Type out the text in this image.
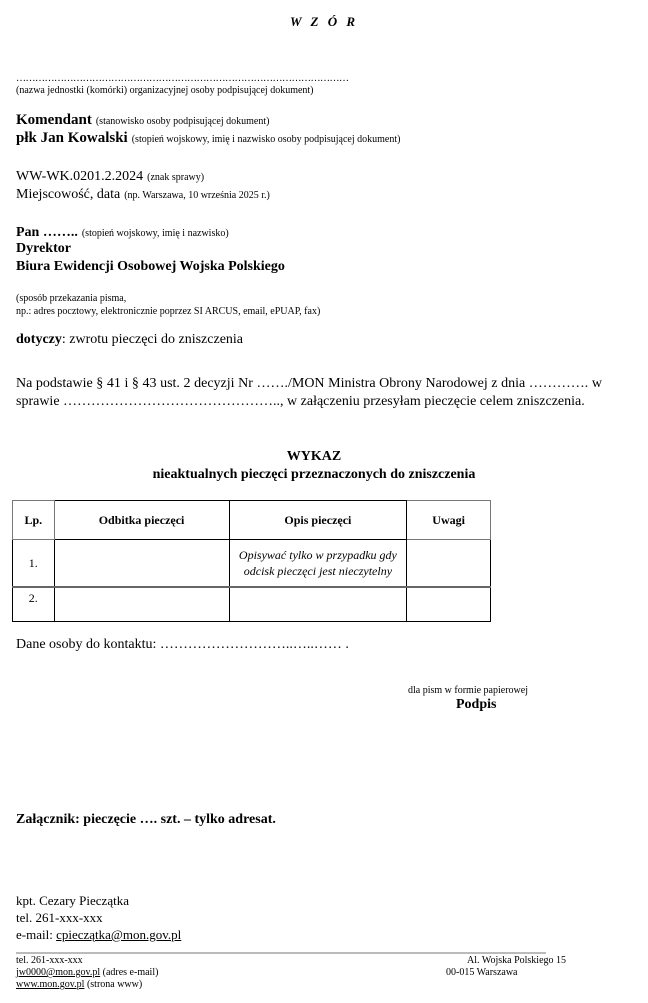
W Z Ó R
……………………………………………………………………………………………
(nazwa jednostki (komórki) organizacyjnej osoby podpisującej dokument)
Komendant (stanowisko osoby podpisującej dokument)
płk Jan Kowalski (stopień wojskowy, imię i nazwisko osoby podpisującej dokument)
WW-WK.0201.2.2024 (znak sprawy)
Miejscowość, data (np. Warszawa, 10 września 2025 r.)
Pan …….. (stopień wojskowy, imię i nazwisko)
Dyrektor
Biura Ewidencji Osobowej Wojska Polskiego
(sposób przekazania pisma,
np.: adres pocztowy, elektronicznie poprzez SI ARCUS, email, ePUAP, fax)
dotyczy: zwrotu pieczęci do zniszczenia
Na podstawie § 41 i § 43 ust. 2 decyzji Nr ……./MON Ministra Obrony Narodowej z dnia …………. w sprawie ……………………………………….., w załączeniu przesyłam pieczęcie celem zniszczenia.
WYKAZ
nieaktualnych pieczęci przeznaczonych do zniszczenia
Lp.	Odbitka pieczęci	Opis pieczęci	Uwagi
1.		Opisywać tylko w przypadku gdy odcisk pieczęci jest nieczytelny	
2.			
Dane osoby do kontaktu: ………………………..…..…… .
dla pism w formie papierowej
Podpis
Załącznik: pieczęcie …. szt. – tylko adresat.
kpt. Cezary Pieczątka
tel. 261-xxx-xxx
e-mail: cpieczątka@mon.gov.pl
tel. 261-xxx-xxx
jw0000@mon.gov.pl (adres e-mail)
www.mon.gov.pl (strona www)
Al. Wojska Polskiego 15
00-015 Warszawa
